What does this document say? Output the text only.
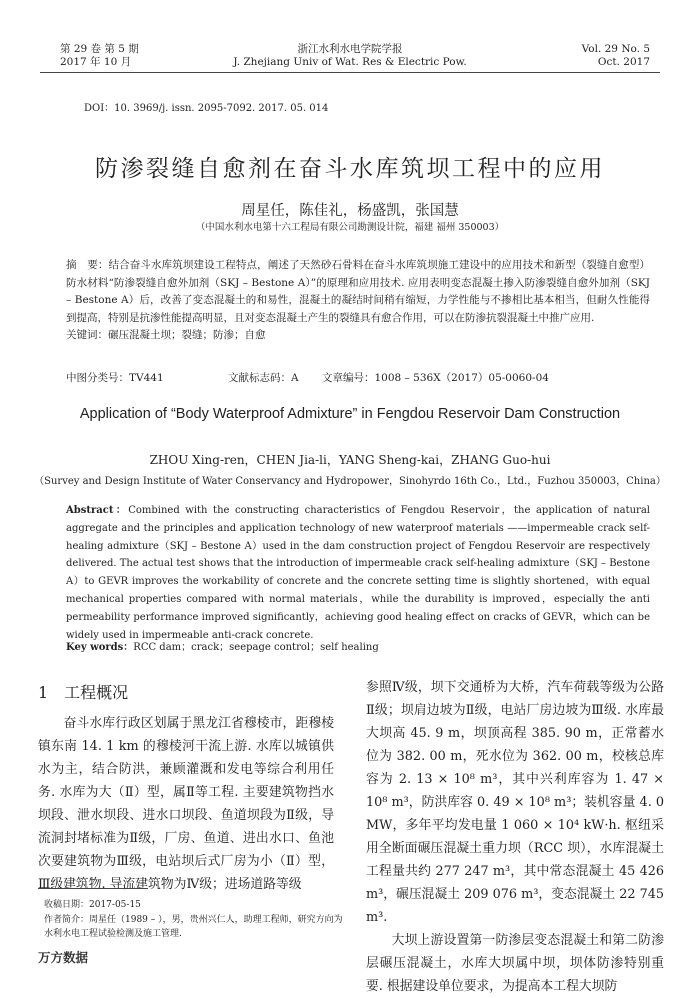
第 29 卷 第 5 期
2017 年 10 月
浙江水利水电学院学报
J. Zhejiang Univ of Wat. Res & Electric Pow.
Vol. 29 No. 5
Oct. 2017
DOI：10. 3969/j. issn. 2095-7092. 2017. 05. 014
防渗裂缝自愈剂在奋斗水库筑坝工程中的应用
周星任，陈佳礼，杨盛凯，张国慧
（中国水利水电第十六工程局有限公司勘测设计院，福建 福州 350003）
摘　要：结合奋斗水库筑坝建设工程特点，阐述了天然砂石骨料在奋斗水库筑坝施工建设中的应用技术和新型（裂缝自愈型）防水材料“防渗裂缝自愈外加剂（SKJ – Bestone A）”的原理和应用技术. 应用表明变态混凝土掺入防渗裂缝自愈外加剂（SKJ – Bestone A）后，改善了变态混凝土的和易性，混凝土的凝结时间稍有缩短，力学性能与不掺相比基本相当，但耐久性能得到提高，特别是抗渗性能提高明显，且对变态混凝土产生的裂缝具有愈合作用，可以在防渗抗裂混凝土中推广应用.
关键词：碾压混凝土坝；裂缝；防渗；自愈
中图分类号：TV441	文献标志码：A 文章编号：1008 – 536X（2017）05-0060-04
Application of “Body Waterproof Admixture” in Fengdou Reservoir Dam Construction
ZHOU Xing-ren，CHEN Jia-li，YANG Sheng-kai，ZHANG Guo-hui
（Survey and Design Institute of Water Conservancy and Hydropower，Sinohyrdo 16th Co.，Ltd.，Fuzhou 350003，China）
Abstract：Combined with the constructing characteristics of Fengdou Reservoir，the application of natural aggregate and the principles and application technology of new waterproof materials ——impermeable crack self-healing admixture（SKJ – Bestone A）used in the dam construction project of Fengdou Reservoir are respectively delivered. The actual test shows that the introduction of impermeable crack self-healing admixture（SKJ – Bestone A）to GEVR improves the workability of concrete and the concrete setting time is slightly shortened，with equal mechanical properties compared with normal materials，while the durability is improved，especially the anti permeability performance improved significantly，achieving good healing effect on cracks of GEVR，which can be widely used in impermeable anti-crack concrete.
Key words：RCC dam；crack；seepage control；self healing
1　工程概况

奋斗水库行政区划属于黑龙江省穆棱市，距穆棱镇东南 14. 1 km 的穆棱河干流上游. 水库以城镇供水为主，结合防洪，兼顾灌溉和发电等综合利用任务. 水库为大（Ⅱ）型，属Ⅱ等工程. 主要建筑物挡水坝段、泄水坝段、进水口坝段、鱼道坝段为Ⅱ级，导流洞封堵标准为Ⅱ级，厂房、鱼道、进出水口、鱼池次要建筑物为Ⅲ级，电站坝后式厂房为小（Ⅱ）型，Ⅲ级建筑物. 导流建筑物为Ⅳ级；进场道路等级

参照Ⅳ级，坝下交通桥为大桥，汽车荷载等级为公路Ⅱ级；坝肩边坡为Ⅱ级，电站厂房边坡为Ⅲ级. 水库最大坝高 45. 9 m，坝顶高程 385. 90 m，正常蓄水位为 382. 00 m，死水位为 362. 00 m，校核总库容为 2. 13 × 10⁸ m³，其中兴利库容为 1. 47 × 10⁸ m³，防洪库容 0. 49 × 10⁸ m³；装机容量 4. 0 MW，多年平均发电量 1 060 × 10⁴ kW·h. 枢纽采用全断面碾压混凝土重力坝（RCC 坝），水库混凝土工程量共约 277 247 m³，其中常态混凝土 45 426 m³，碾压混凝土 209 076 m³，变态混凝土 22 745 m³.

大坝上游设置第一防渗层变态混凝土和第二防渗层碾压混凝土，水库大坝属中坝，坝体防渗特别重要. 根据建设单位要求，为提高本工程大坝防

收稿日期：2017-05-15
作者简介：周星任（1989 – ），男，贵州兴仁人，助理工程师，研究方向为水利水电工程试验检测及施工管理.
万方数据
